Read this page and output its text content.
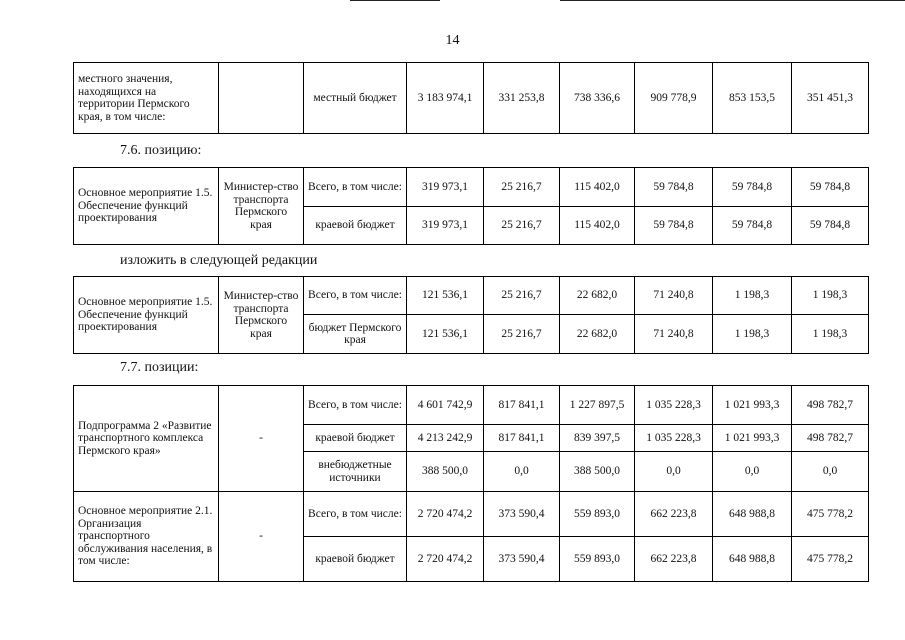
14
местного значения, находящихся на территории Пермского края, в том числе:		местный бюджет	3 183 974,1	331 253,8	738 336,6	909 778,9	853 153,5	351 451,3
7.6. позицию:
Основное мероприятие 1.5. Обеспечение функций проектирования	Министер-ство транспорта Пермского края	Всего, в том числе:	319 973,1	25 216,7	115 402,0	59 784,8	59 784,8	59 784,8
		краевой бюджет	319 973,1	25 216,7	115 402,0	59 784,8	59 784,8	59 784,8
изложить в следующей редакции
Основное мероприятие 1.5. Обеспечение функций проектирования	Министер-ство транспорта Пермского края	Всего, в том числе:	121 536,1	25 216,7	22 682,0	71 240,8	1 198,3	1 198,3
		бюджет Пермского края	121 536,1	25 216,7	22 682,0	71 240,8	1 198,3	1 198,3
7.7. позиции:
Подпрограмма 2 «Развитие транспортного комплекса Пермского края»	-	Всего, в том числе:	4 601 742,9	817 841,1	1 227 897,5	1 035 228,3	1 021 993,3	498 782,7
		краевой бюджет	4 213 242,9	817 841,1	839 397,5	1 035 228,3	1 021 993,3	498 782,7
		внебюджетные источники	388 500,0	0,0	388 500,0	0,0	0,0	0,0
Основное мероприятие 2.1. Организация транспортного обслуживания населения, в том числе:	-	Всего, в том числе:	2 720 474,2	373 590,4	559 893,0	662 223,8	648 988,8	475 778,2
		краевой бюджет	2 720 474,2	373 590,4	559 893,0	662 223,8	648 988,8	475 778,2
